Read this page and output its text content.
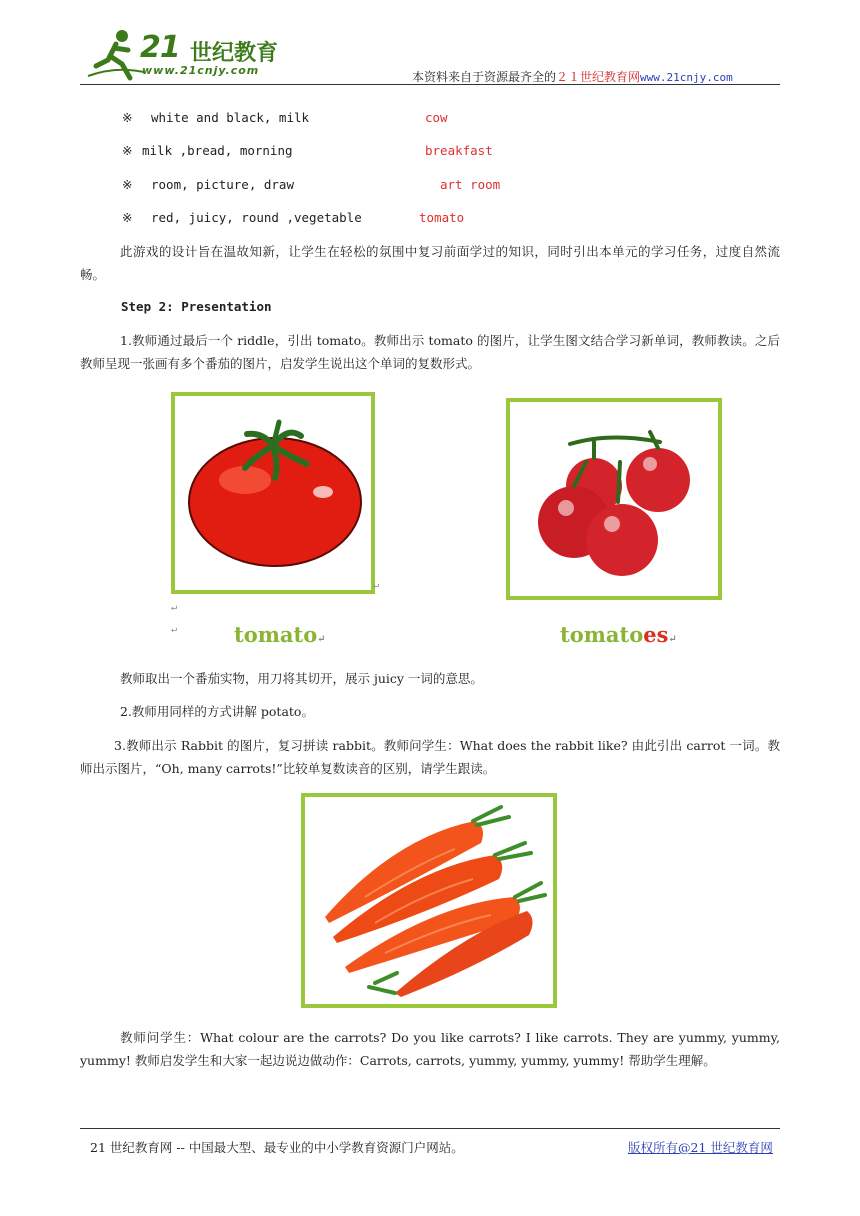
21 世纪教育
www.21cnjy.com	本资料来自于资源最齐全的２１世纪教育网www.21cnjy.com
※ white and black, milk	cow
※ milk ,bread, morning	breakfast
※ room, picture, draw	art room
※ red, juicy, round ,vegetable	tomato
此游戏的设计旨在温故知新，让学生在轻松的氛围中复习前面学过的知识，同时引出本单元的学习任务，过度自然流畅。
Step 2: Presentation
1.教师通过最后一个 riddle，引出 tomato。教师出示 tomato 的图片，让学生图文结合学习新单词，教师教读。之后教师呈现一张画有多个番茄的图片，启发学生说出这个单词的复数形式。
↵
↵
↵	tomato↵	tomatoes↵
教师取出一个番茄实物，用刀将其切开，展示 juicy 一词的意思。
2.教师用同样的方式讲解 potato。
3.教师出示 Rabbit 的图片，复习拼读 rabbit。教师问学生：What does the rabbit like? 由此引出 carrot 一词。教师出示图片，“Oh, many carrots!”比较单复数读音的区别，请学生跟读。
教师问学生：What colour are the carrots? Do you like carrots? I like carrots. They are yummy, yummy, yummy! 教师启发学生和大家一起边说边做动作：Carrots, carrots, yummy, yummy, yummy! 帮助学生理解。
21 世纪教育网 -- 中国最大型、最专业的中小学教育资源门户网站。	版权所有@21 世纪教育网
